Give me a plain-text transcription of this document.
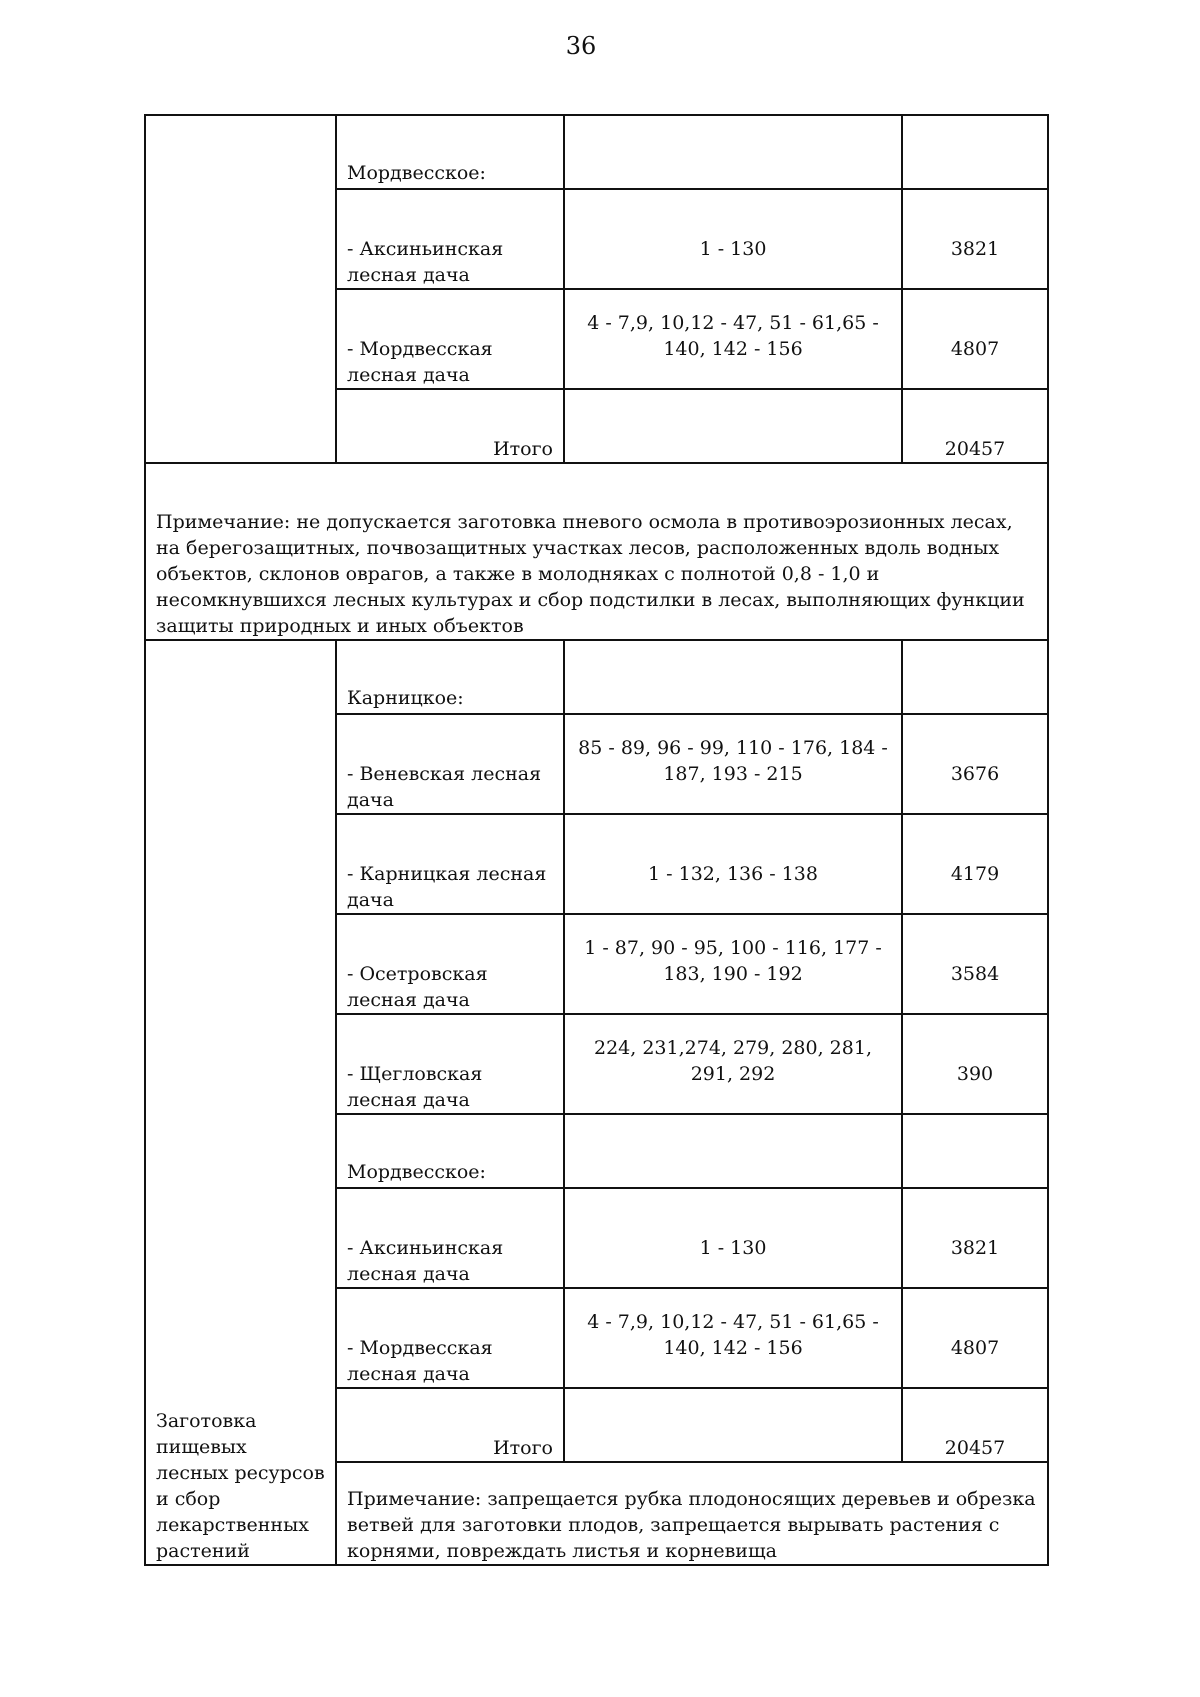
36
	Мордвесское:		
	- Аксиньинская лесная дача	1 - 130	3821

	- Мордвесская лесная дача	4 - 7,9, 10,12 - 47, 51 - 61,65 - 140, 142 - 156	4807

	Итого		20457
Примечание: не допускается заготовка пневого осмола в противоэрозионных лесах, на берегозащитных, почвозащитных участках лесов, расположенных вдоль водных объектов, склонов оврагов, а также в молодняках с полнотой 0,8 - 1,0 и несомкнувшихся лесных культурах и сбор подстилки в лесах, выполняющих функции защиты природных и иных объектов			
Заготовка пищевых лесных ресурсов и сбор лекарственных растений	Карницкое:		
	- Веневская лесная дача	85 - 89, 96 - 99, 110 - 176, 184 - 187, 193 - 215	3676

	- Карницкая лесная дача	1 - 132, 136 - 138	4179

	- Осетровская лесная дача	1 - 87, 90 - 95, 100 - 116, 177 - 183, 190 - 192	3584

	- Щегловская лесная дача	224, 231,274, 279, 280, 281, 291, 292	390

	Мордвесское:		
	- Аксиньинская лесная дача	1 - 130	3821

	- Мордвесская лесная дача	4 - 7,9, 10,12 - 47, 51 - 61,65 - 140, 142 - 156	4807

	Итого		20457
	Примечание: запрещается рубка плодоносящих деревьев и обрезка ветвей для заготовки плодов, запрещается вырывать растения с корнями, повреждать листья и корневища		
